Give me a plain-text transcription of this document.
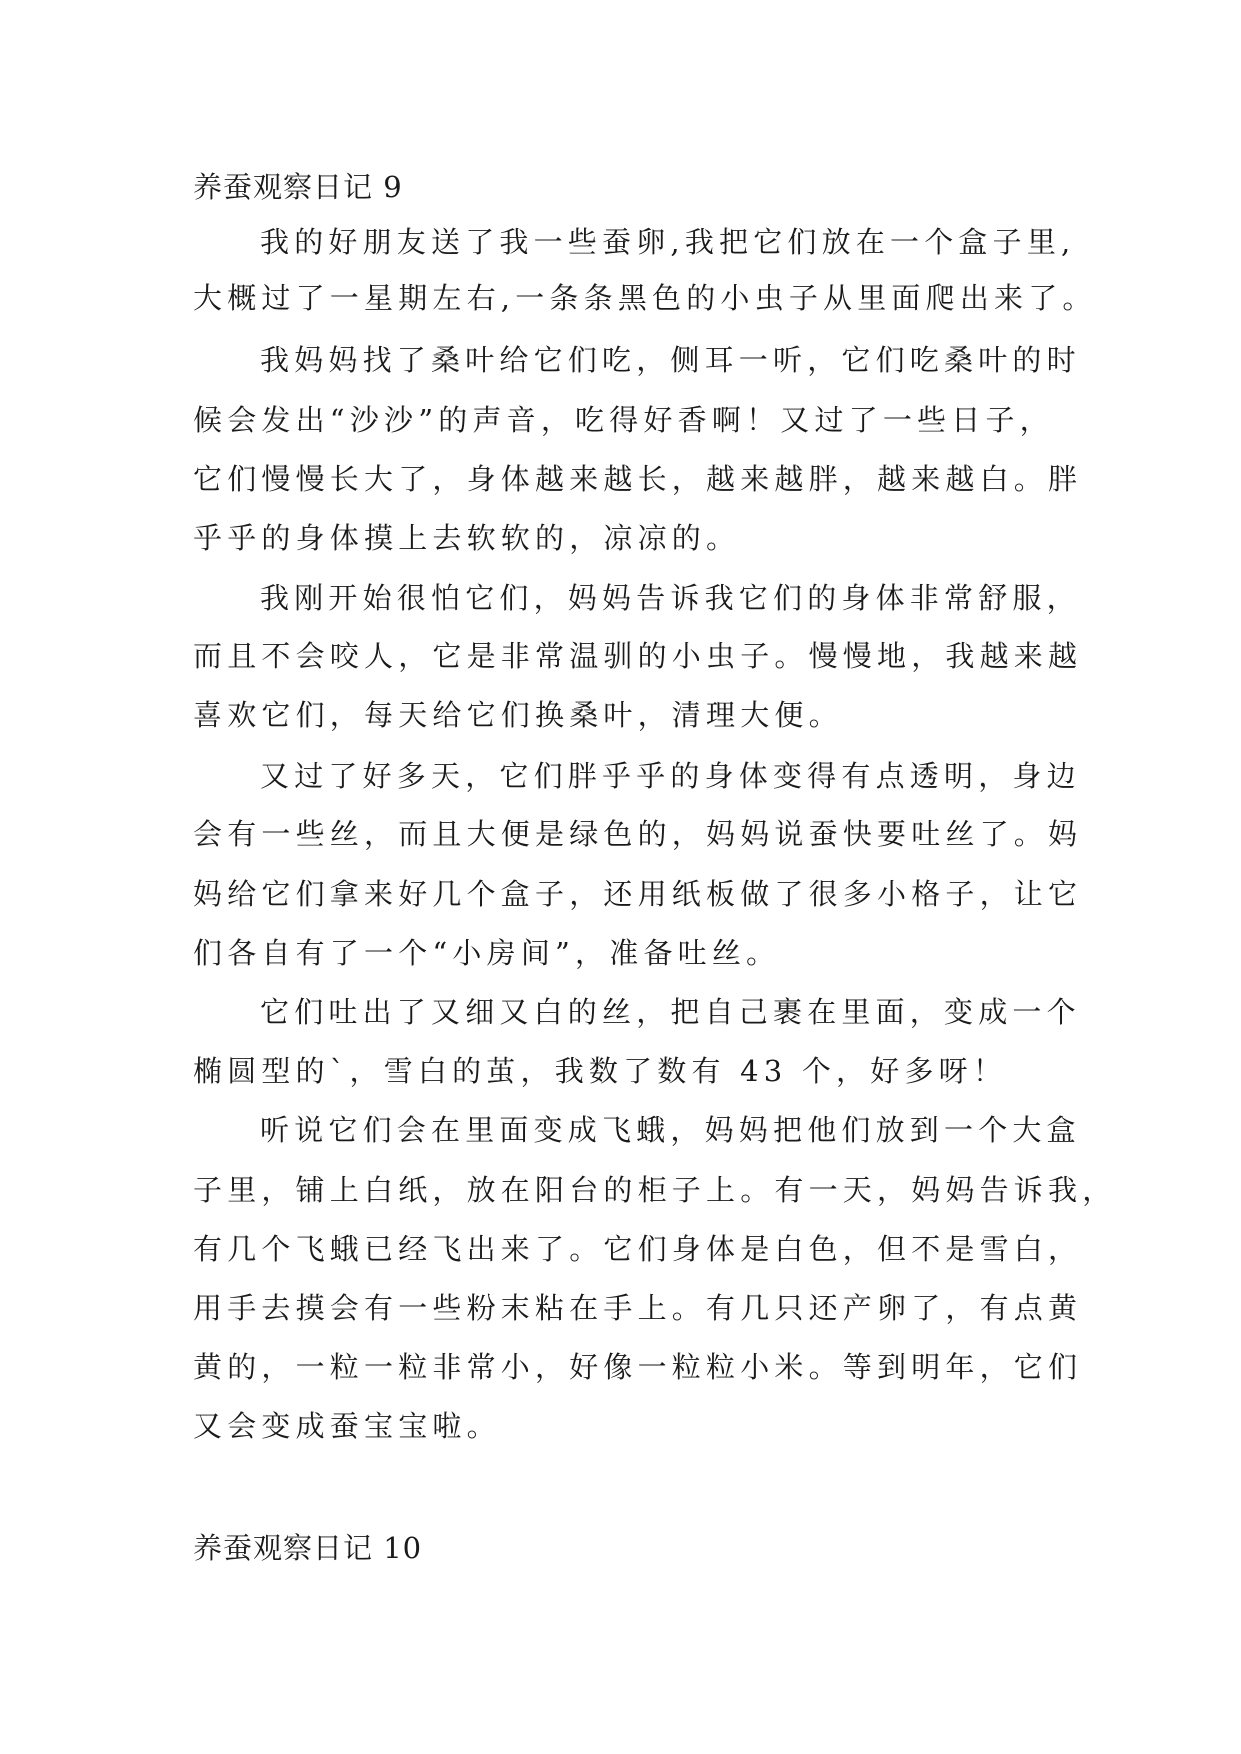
养蚕观察日记 9
我的好朋友送了我一些蚕卵,我把它们放在一个盒子里,
大概过了一星期左右,一条条黑色的小虫子从里面爬出来了。
我妈妈找了桑叶给它们吃，侧耳一听，它们吃桑叶的时
候会发出“沙沙”的声音，吃得好香啊！又过了一些日子，
它们慢慢长大了，身体越来越长，越来越胖，越来越白。胖
乎乎的身体摸上去软软的，凉凉的。
我刚开始很怕它们，妈妈告诉我它们的身体非常舒服，
而且不会咬人，它是非常温驯的小虫子。慢慢地，我越来越
喜欢它们，每天给它们换桑叶，清理大便。
又过了好多天，它们胖乎乎的身体变得有点透明，身边
会有一些丝，而且大便是绿色的，妈妈说蚕快要吐丝了。妈
妈给它们拿来好几个盒子，还用纸板做了很多小格子，让它
们各自有了一个“小房间”，准备吐丝。
它们吐出了又细又白的丝，把自己裹在里面，变成一个
椭圆型的`，雪白的茧，我数了数有 43 个，好多呀！
听说它们会在里面变成飞蛾，妈妈把他们放到一个大盒
子里，铺上白纸，放在阳台的柜子上。有一天，妈妈告诉我，
有几个飞蛾已经飞出来了。它们身体是白色，但不是雪白，
用手去摸会有一些粉末粘在手上。有几只还产卵了，有点黄
黄的，一粒一粒非常小，好像一粒粒小米。等到明年，它们
又会变成蚕宝宝啦。
养蚕观察日记 10
